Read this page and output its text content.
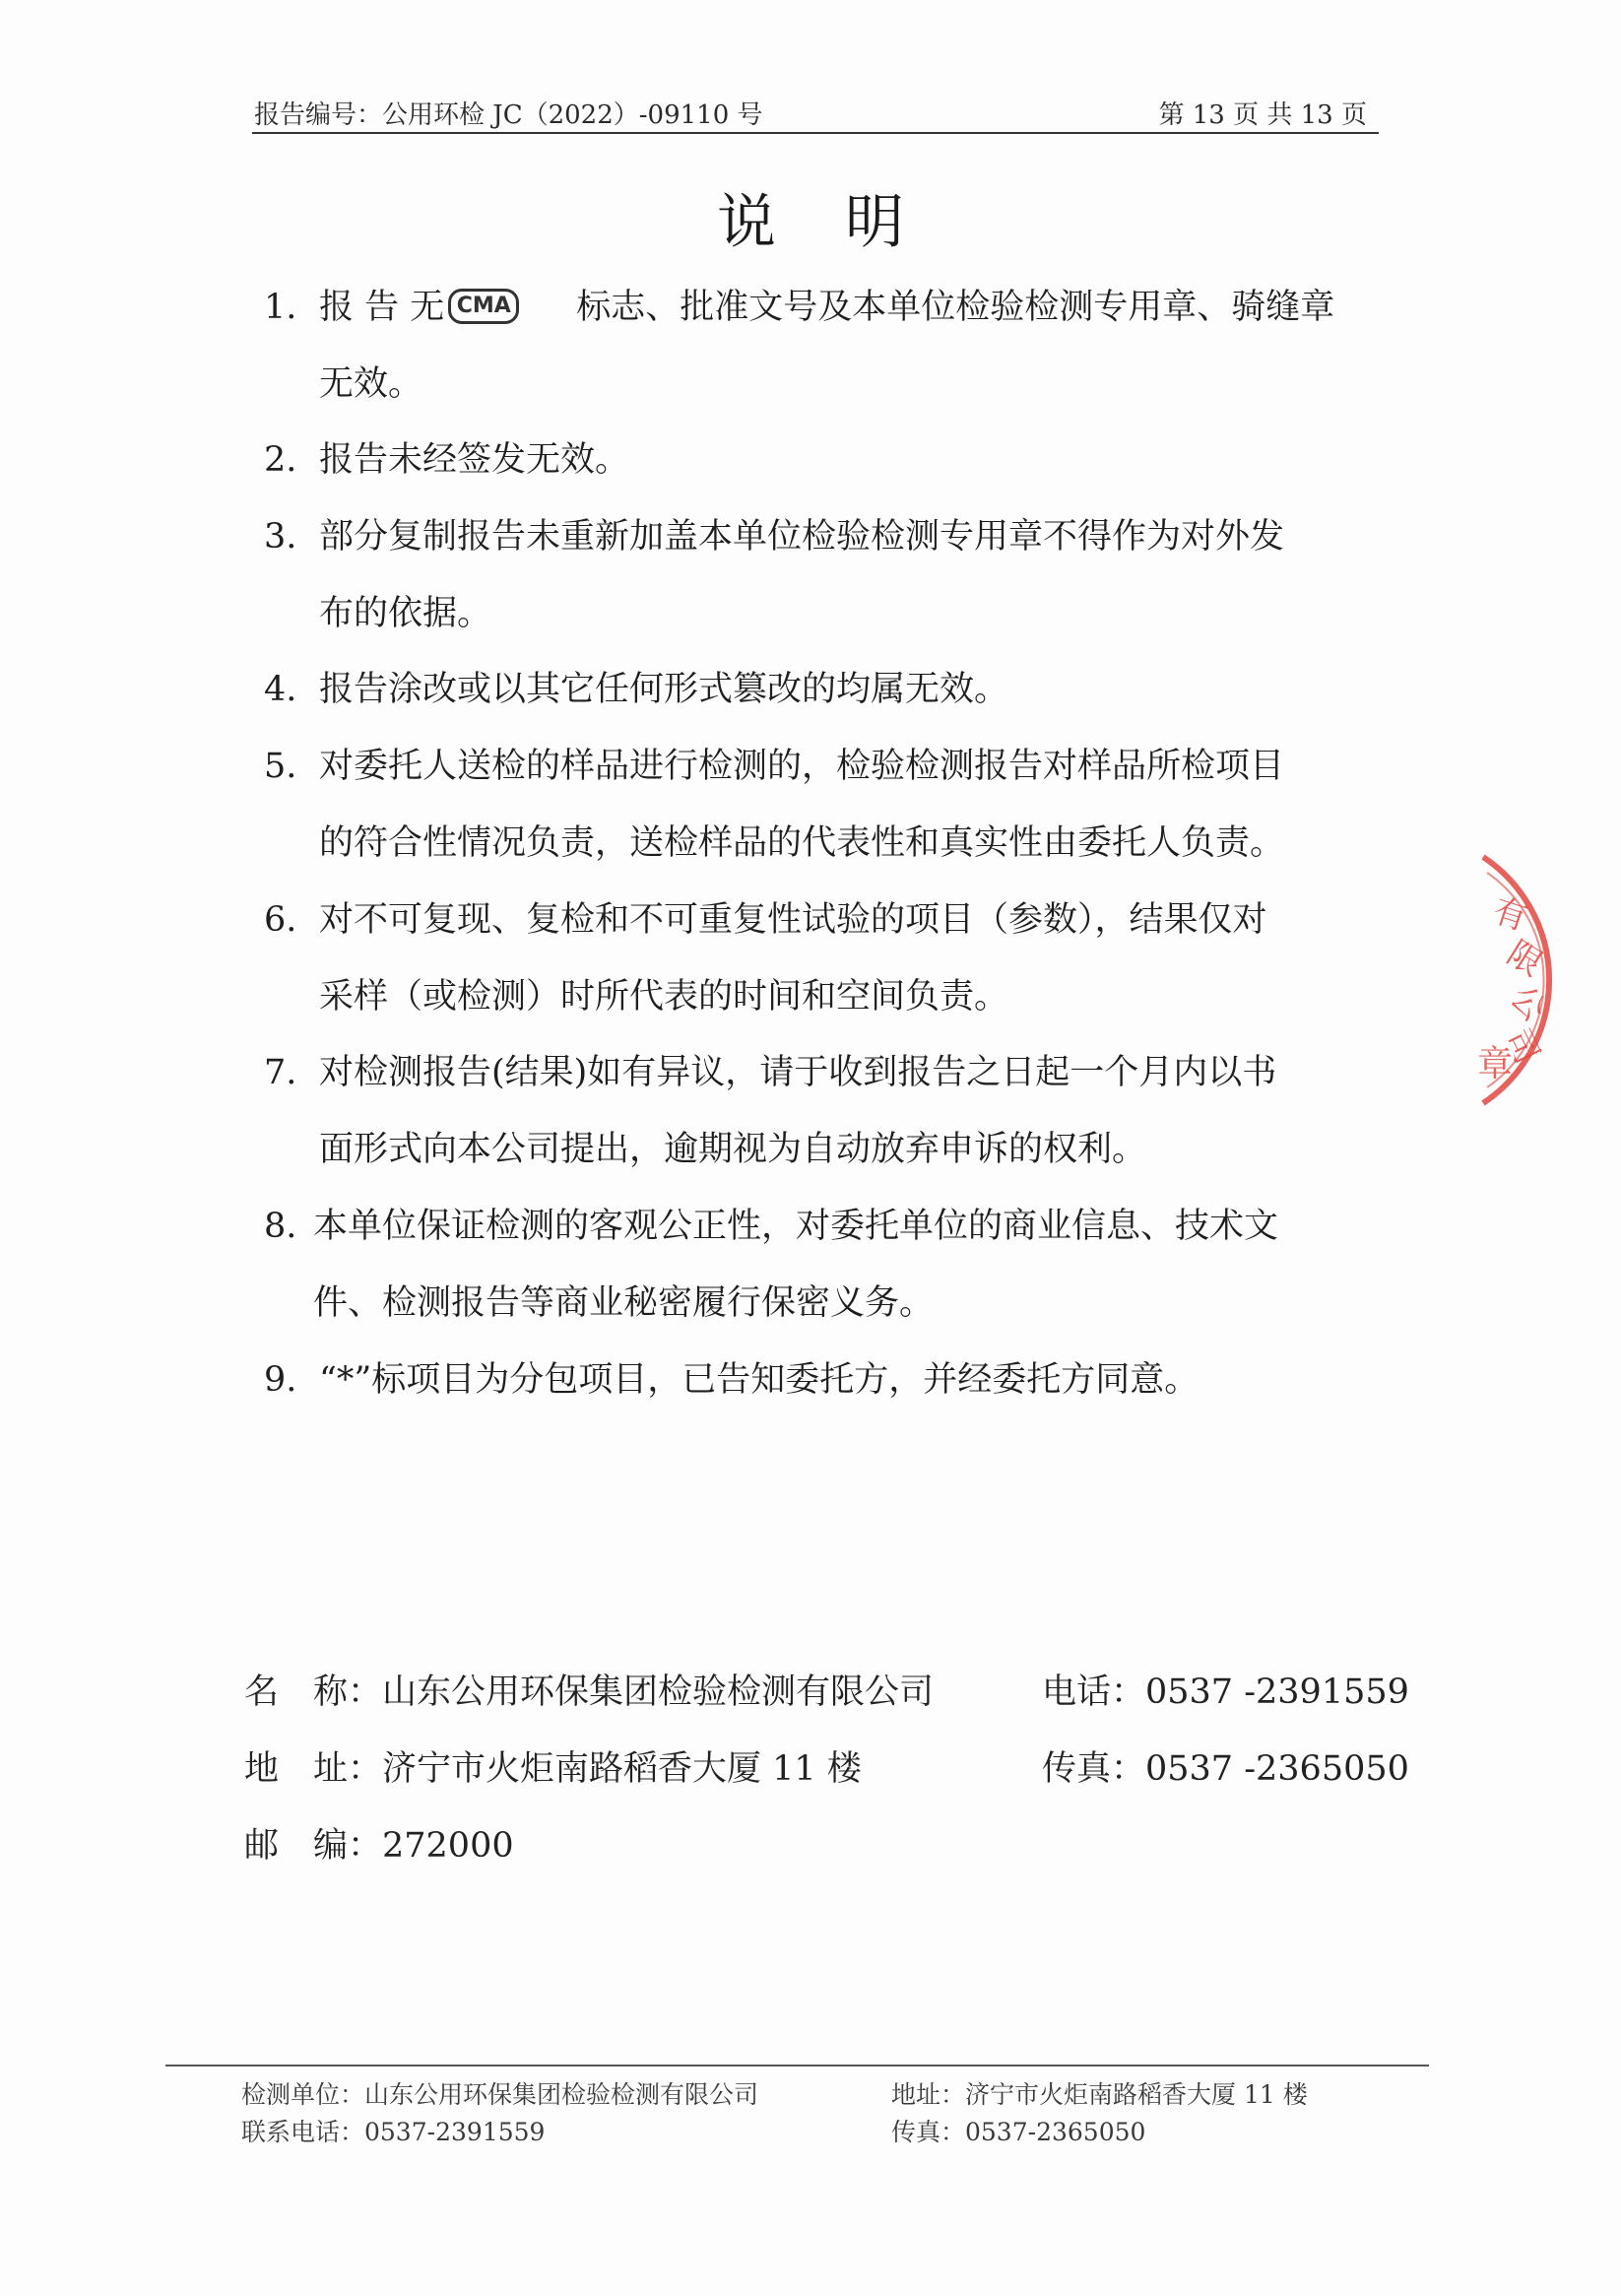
报告编号：公用环检 JC（2022）-09110 号	第 13 页 共 13 页
说明
1. 报 告 无 CMA 标志、批准文号及本单位检验检测专用章、骑缝章
无效。
2. 报告未经签发无效。
3. 部分复制报告未重新加盖本单位检验检测专用章不得作为对外发
布的依据。
4. 报告涂改或以其它任何形式篡改的均属无效。
5. 对委托人送检的样品进行检测的，检验检测报告对样品所检项目
的符合性情况负责，送检样品的代表性和真实性由委托人负责。
6. 对不可复现、复检和不可重复性试验的项目（参数），结果仅对
采样（或检测）时所代表的时间和空间负责。
7. 对检测报告(结果)如有异议，请于收到报告之日起一个月内以书
面形式向本公司提出，逾期视为自动放弃申诉的权利。
8. 本单位保证检测的客观公正性，对委托单位的商业信息、技术文
件、检测报告等商业秘密履行保密义务。
9. “*”标项目为分包项目，已告知委托方，并经委托方同意。
名　称：山东公用环保集团检验检测有限公司	电话：0537 -2391559
地　址：济宁市火炬南路稻香大厦 11 楼	传真：0537 -2365050
邮　编：272000
检测单位：山东公用环保集团检验检测有限公司	地址：济宁市火炬南路稻香大厦 11 楼
联系电话：0537-2391559	传真：0537-2365050
有
限
公
司
章
